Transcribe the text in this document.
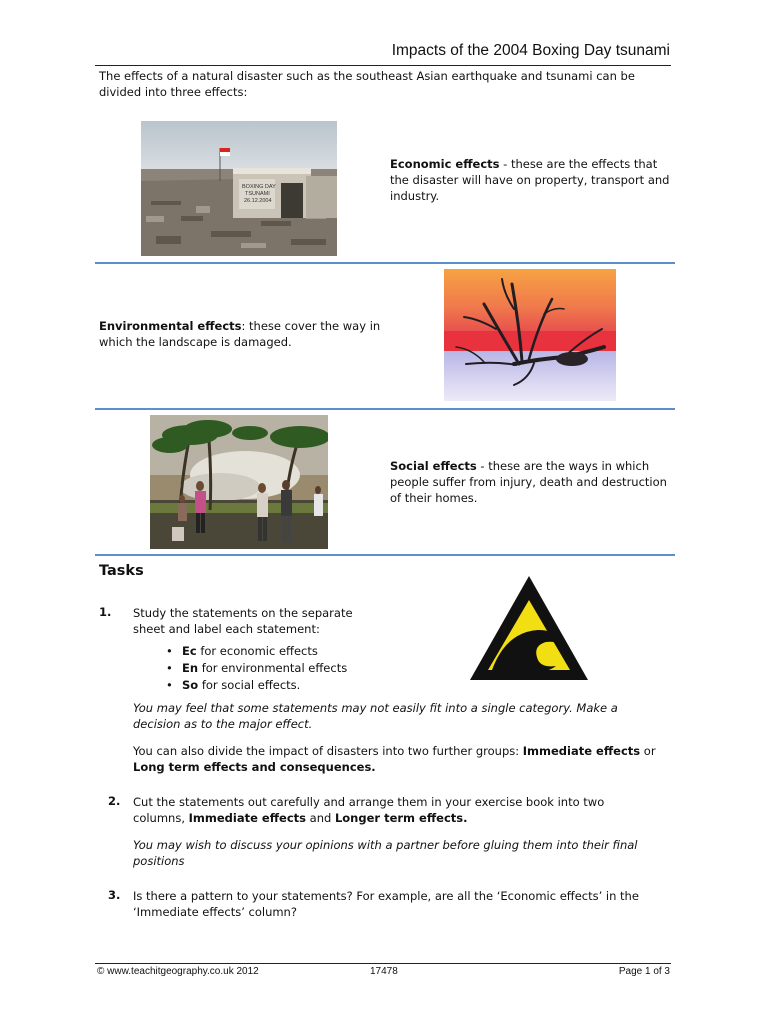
Impacts of the 2004 Boxing Day tsunami
The effects of a natural disaster such as the southeast Asian earthquake and tsunami can be divided into three effects:
BOXING DAY
TSUNAMI
26.12.2004
Economic effects - these are the effects that the disaster will have on property, transport and industry.
Environmental effects: these cover the way in which the landscape is damaged.
Social effects - these are the ways in which people suffer from injury, death and destruction of their homes.
Tasks
1. Study the statements on the separate sheet and label each statement:
• Ec for economic effects
• En for environmental effects
• So for social effects.
You may feel that some statements may not easily fit into a single category. Make a decision as to the major effect.
You can also divide the impact of disasters into two further groups: Immediate effects or Long term effects and consequences.
2. Cut the statements out carefully and arrange them in your exercise book into two columns, Immediate effects and Longer term effects.
You may wish to discuss your opinions with a partner before gluing them into their final positions
3. Is there a pattern to your statements? For example, are all the ‘Economic effects’ in the ‘Immediate effects’ column?
© www.teachitgeography.co.uk 2012	17478	Page 1 of 3
